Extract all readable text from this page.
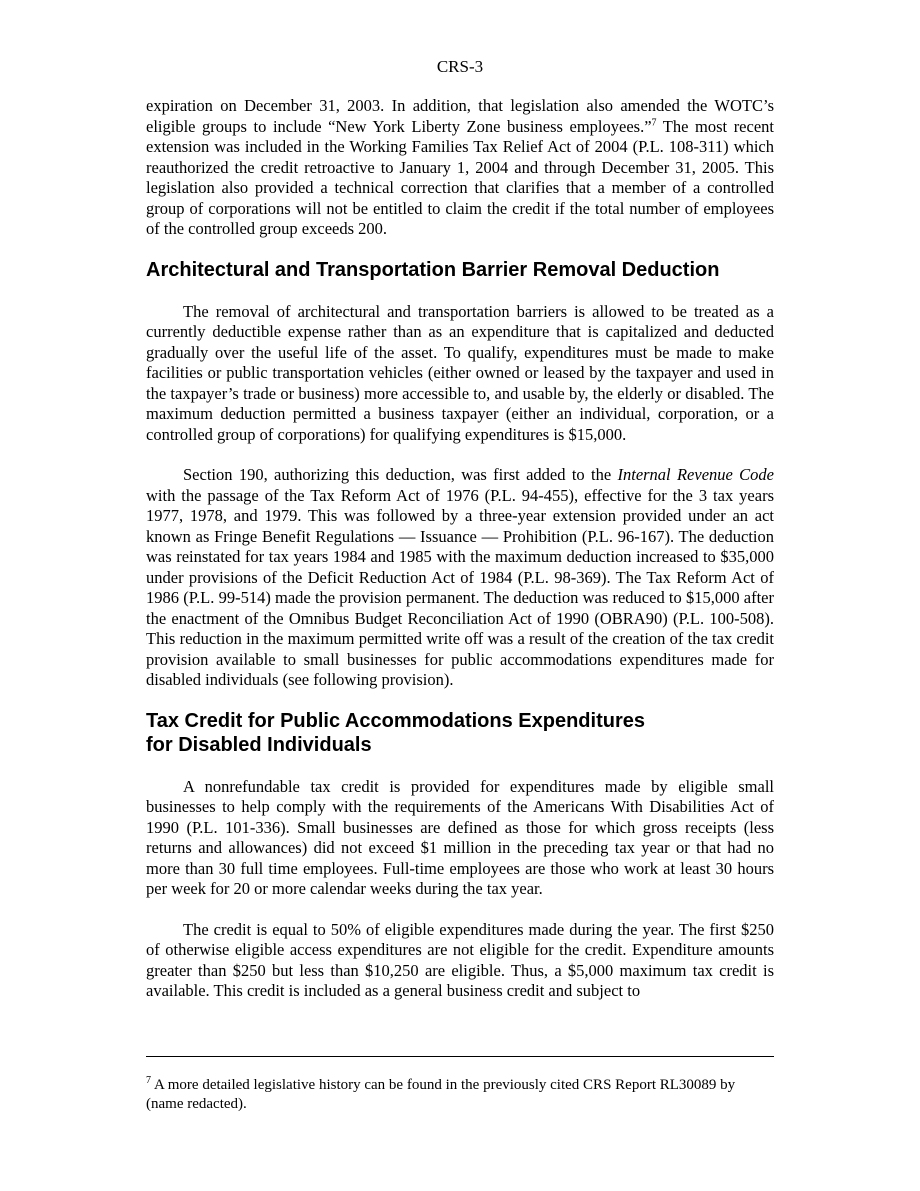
CRS-3

expiration on December 31, 2003. In addition, that legislation also amended the WOTC’s eligible groups to include “New York Liberty Zone business employees.”$^7$ The most recent extension was included in the Working Families Tax Relief Act of 2004 (P.L. 108-311) which reauthorized the credit retroactive to January 1, 2004 and through December 31, 2005. This legislation also provided a technical correction that clarifies that a member of a controlled group of corporations will not be entitled to claim the credit if the total number of employees of the controlled group exceeds 200.

Architectural and Transportation Barrier Removal Deduction

The removal of architectural and transportation barriers is allowed to be treated as a currently deductible expense rather than as an expenditure that is capitalized and deducted gradually over the useful life of the asset. To qualify, expenditures must be made to make facilities or public transportation vehicles (either owned or leased by the taxpayer and used in the taxpayer’s trade or business) more accessible to, and usable by, the elderly or disabled. The maximum deduction permitted a business taxpayer (either an individual, corporation, or a controlled group of corporations) for qualifying expenditures is $15,000.

Section 190, authorizing this deduction, was first added to the Internal Revenue Code with the passage of the Tax Reform Act of 1976 (P.L. 94-455), effective for the 3 tax years 1977, 1978, and 1979. This was followed by a three-year extension provided under an act known as Fringe Benefit Regulations — Issuance — Prohibition (P.L. 96-167). The deduction was reinstated for tax years 1984 and 1985 with the maximum deduction increased to $35,000 under provisions of the Deficit Reduction Act of 1984 (P.L. 98-369). The Tax Reform Act of 1986 (P.L. 99-514) made the provision permanent. The deduction was reduced to $15,000 after the enactment of the Omnibus Budget Reconciliation Act of 1990 (OBRA90) (P.L. 100-508). This reduction in the maximum permitted write off was a result of the creation of the tax credit provision available to small businesses for public accommodations expenditures made for disabled individuals (see following provision).

Tax Credit for Public Accommodations Expenditures
for Disabled Individuals

A nonrefundable tax credit is provided for expenditures made by eligible small businesses to help comply with the requirements of the Americans With Disabilities Act of 1990 (P.L. 101-336). Small businesses are defined as those for which gross receipts (less returns and allowances) did not exceed $1 million in the preceding tax year or that had no more than 30 full time employees. Full-time employees are those who work at least 30 hours per week for 20 or more calendar weeks during the tax year.

The credit is equal to 50% of eligible expenditures made during the year. The first $250 of otherwise eligible access expenditures are not eligible for the credit. Expenditure amounts greater than $250 but less than $10,250 are eligible. Thus, a $5,000 maximum tax credit is available. This credit is included as a general business credit and subject to

$^7$ A more detailed legislative history can be found in the previously cited CRS Report RL30089 by (name redacted).
